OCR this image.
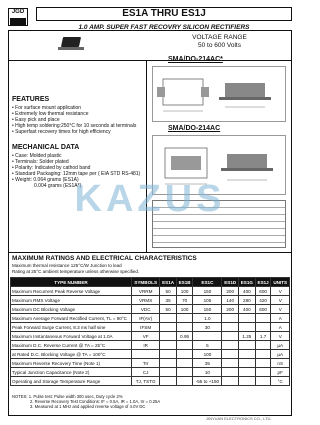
JGD	ES1A THRU ES1J
1.0 AMP. SUPER FAST RECOVRY SILICON RECTIFIERS
VOLTAGE RANGE
50 to 600 Volts
SMA/DO-214AC*
SMA/DO-214AC
FEATURES
• For surface mount application
• Extremely low thermal resistance
• Easy pick and place
• High temp soldering:250°C for 10 seconds at terminals
• Superfast recovery times for high efficiency
MECHANICAL DATA
• Case: Molded plastic
• Terminals: Solder plated
• Polarity: Indicated by cathod band
• Standard Packaging: 12mm tape per ( EIA STD RS-481)
• Weight: 0.064 grams (ES1A)
0.004 grams (ES1A*)
KAZUS
MAXIMUM RATINGS AND ELECTRICAL CHARACTERISTICS
Maximum thermal resistance 125°C/W Junction to lead
Rating at 25°C ambient temperature unless otherwise specified.
TYPE NUMBER	SYMBOLS	ES1A	ES1B	ES1C	ES1D	ES1G	ES1J	UNITS
Maximum Recurrent Peak Reverse Voltage	VRRM	50	100	150	200	400	600	V
Maximum RMS Voltage	VRMS	35	70	105	140	280	420	V
Maximum DC Blocking Voltage	VDC	50	100	150	200	400	600	V
Maximum Average Forward Rectified Current, TL = 90°C	IF(AV)			1.0				A
Peak Forward Surge Current, 8.3 ms half sine	IFSM			30				A
Maximum Instantaneous Forward Voltage at 1.0A	VF		0.95			1.25	1.7	V
Maximum D.C. Reverse Current @ TA = 25°C	IR			5				µA
at Rated D.C. Blocking Voltage @ TA = 100°C				100				µA
Maximum Reverse Recovery Time (Note 1)	Trr			35				nS
Typical Junction Capacitance (Note 2)	CJ			10				pF
Operating and Storage Temperature Range	TJ, TSTG			-55 to +150				°C
NOTES: 1. Pulse test: Pulse width 300 usec, Duty cycle 2%
2. Reverse Recovery Test Conditions: IF = 0.5A, IR = 1.0A, Irr = 0.25A
3. Measured at 1 MHz and applied reverse voltage of 4.0V DC
JINYUAN ELECTRONICS CO., LTD.
